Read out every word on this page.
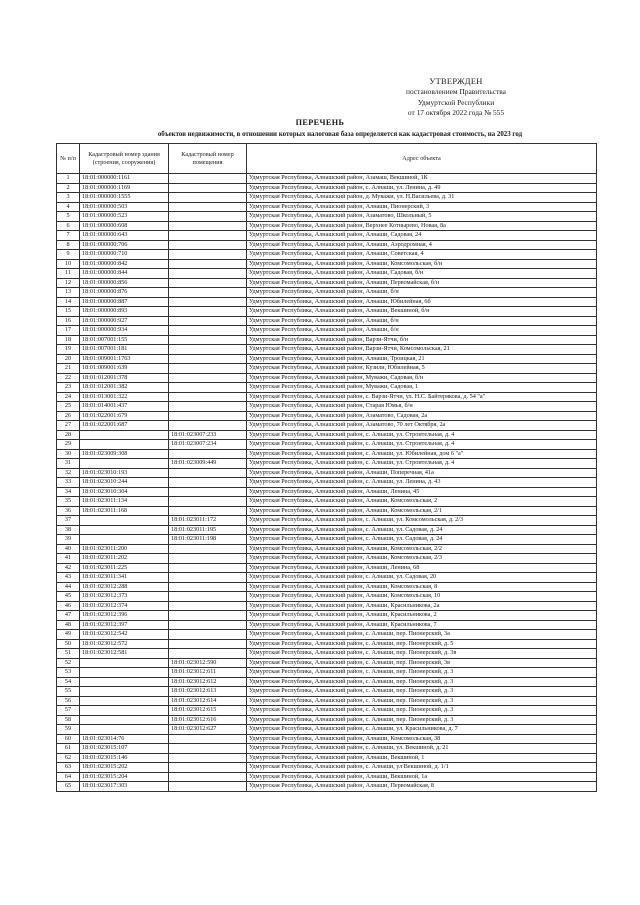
УТВЕРЖДЕН
постановлением Правительства
Удмуртской Республики
от 17 октября 2022 года № 555
ПЕРЕЧЕНЬ
объектов недвижимости, в отношении которых налоговая база определяется как кадастровая стоимость, на 2023 год
№ п/п	Кадастровый номер здания (строения, сооружения)	Кадастровый номер помещения	Адрес объекта
1	18:01:000000:1161		Удмуртская Республика, Алнашский район, Азамаш, Векшиной, 1К
2	18:01:000000:1169		Удмуртская Республика, Алнашский район, с. Алнаши, ул. Ленина, д. 49
3	18:01:000000:1555		Удмуртская Республика, Алнашский район, д. Муважи, ул. Н.Васильева, д. 31
4	18:01:000000:503		Удмуртская Республика, Алнашский район, Алнаши, Пионерский, 3
5	18:01:000000:523		Удмуртская Республика, Алнашский район, Азаматово, Школьный, 5
6	18:01:000000:608		Удмуртская Республика, Алнашский район, Верхнее Котнырево, Новая, 8а
7	18:01:000000:643		Удмуртская Республика, Алнашский район, Алнаши, Садовая, 24
8	18:01:000000:706		Удмуртская Республика, Алнашский район, Алнаши, Аэродромная, 4
9	18:01:000000:710		Удмуртская Республика, Алнашский район, Алнаши, Советская, 4
10	18:01:000000:842		Удмуртская Республика, Алнашский район, Алнаши, Комсомольская, б/н
11	18:01:000000:844		Удмуртская Республика, Алнашский район, Алнаши, Садовая, б/н
12	18:01:000000:856		Удмуртская Республика, Алнашский район, Алнаши, Первомайская, б/н
13	18:01:000000:876		Удмуртская Республика, Алнашский район, Алнаши, б/н
14	18:01:000000:887		Удмуртская Республика, Алнашский район, Алнаши, Юбилейная, 6б
15	18:01:000000:893		Удмуртская Республика, Алнашский район, Алнаши, Векшиной, б/н
16	18:01:000000:927		Удмуртская Республика, Алнашский район, Алнаши, б/н
17	18:01:000000:934		Удмуртская Республика, Алнашский район, Алнаши, б/н
18	18:01:007001:155		Удмуртская Республика, Алнашский район, Варзи-Ятчи, б/н
19	18:01:007001:181		Удмуртская Республика, Алнашский район, Варзи-Ятчи, Комсомольская, 21
20	18:01:009001:1763		Удмуртская Республика, Алнашский район, Алнаши, Троицкая, 21
21	18:01:009001:639		Удмуртская Республика, Алнашский район, Кузили, Юбилейная, 5
22	18:01:012001:378		Удмуртская Республика, Алнашский район, Муважи, Садовая, б/н
23	18:01:012001:382		Удмуртская Республика, Алнашский район, Муважи, Садовая, 1
24	18:01:013001:322		Удмуртская Республика, Алнашский район, с. Варзи-Ятчи, ул. Н.С. Байтерякова, д. 54 "а"
25	18:01:014001:437		Удмуртская Республика, Алнашский район, Старая Юмья, б/н
26	18:01:022001:679		Удмуртская Республика, Алнашский район, Азаматово, Садовая, 2а
27	18:01:022001:687		Удмуртская Республика, Алнашский район, Азаматово, 70 лет Октября, 2а
28		18:01:023007:233	Удмуртская Республика, Алнашский район, с. Алнаши, ул. Строительная, д. 4
29		18:01:023007:234	Удмуртская Республика, Алнашский район, с. Алнаши, ул. Строительная, д. 4
30	18:01:023009:308		Удмуртская Республика, Алнашский район, с. Алнаши, ул. Юбилейная, дом 6 "а"
31		18:01:023009:449	Удмуртская Республика, Алнашский район, с. Алнаши, ул. Строительная, д. 4
32	18:01:023010:193		Удмуртская Республика, Алнашский район, Алнаши, Поперечная, 41а
33	18:01:023010:244		Удмуртская Республика, Алнашский район, с. Алнаши, ул. Ленина, д. 43
34	18:01:023010:304		Удмуртская Республика, Алнашский район, Алнаши, Ленина, 45
35	18:01:023011:134		Удмуртская Республика, Алнашский район, Алнаши, Комсомольская, 2
36	18:01:023011:168		Удмуртская Республика, Алнашский район, Алнаши, Комсомольская, 2/1
37		18:01:023011:172	Удмуртская Республика, Алнашский район, с. Алнаши, ул. Комсомольская, д. 2/3
38		18:01:023011:195	Удмуртская Республика, Алнашский район, с. Алнаши, ул. Садовая, д. 24
39		18:01:023011:198	Удмуртская Республика, Алнашский район, с. Алнаши, ул. Садовая, д. 24
40	18:01:023011:200		Удмуртская Республика, Алнашский район, Алнаши, Комсомольская, 2/2
41	18:01:023011:202		Удмуртская Республика, Алнашский район, Алнаши, Комсомольская, 2/3
42	18:01:023011:225		Удмуртская Республика, Алнашский район, Алнаши, Ленина, 68
43	18:01:023011:341		Удмуртская Республика, Алнашский район, с. Алнаши, ул. Садовая, 20
44	18:01:023012:288		Удмуртская Республика, Алнашский район, Алнаши, Комсомольская, 8
45	18:01:023012:373		Удмуртская Республика, Алнашский район, Алнаши, Комсомольская, 10
46	18:01:023012:374		Удмуртская Республика, Алнашский район, Алнаши, Красильникова, 2а
47	18:01:023012:396		Удмуртская Республика, Алнашский район, Алнаши, Красильникова, 2
48	18:01:023012:397		Удмуртская Республика, Алнашский район, Алнаши, Красильникова, 7
49	18:01:023012:542		Удмуртская Республика, Алнашский район, с. Алнаши, пер. Пионерский, 3а
50	18:01:023012:572		Удмуртская Республика, Алнашский район, с. Алнаши, пер. Пионерский, д. 5
51	18:01:023012:581		Удмуртская Республика, Алнашский район, с. Алнаши, пер. Пионерский, д. 3в
52		18:01:023012:590	Удмуртская Республика, Алнашский район, с. Алнаши, пер. Пионерский, 3в
53		18:01:023012:611	Удмуртская Республика, Алнашский район, с. Алнаши, пер. Пионерский, д. 3
54		18:01:023012:612	Удмуртская Республика, Алнашский район, с. Алнаши, пер. Пионерский, д. 3
55		18:01:023012:613	Удмуртская Республика, Алнашский район, с. Алнаши, пер. Пионерский, д. 3
56		18:01:023012:614	Удмуртская Республика, Алнашский район, с. Алнаши, пер. Пионерский, д. 3
57		18:01:023012:615	Удмуртская Республика, Алнашский район, с. Алнаши, пер. Пионерский, д. 3
58		18:01:023012:616	Удмуртская Республика, Алнашский район, с. Алнаши, пер. Пионерский, д. 3
59		18:01:023012:627	Удмуртская Республика, Алнашский район, с. Алнаши, ул. Красильникова, д. 7
60	18:01:023014:76		Удмуртская Республика, Алнашский район, Алнаши, Комсомольская, 38
61	18:01:023015:107		Удмуртская Республика, Алнашский район, с. Алнаши, ул. Векшиной, д. 21
62	18:01:023015:146		Удмуртская Республика, Алнашский район, Алнаши, Векшиной, 1
63	18:01:023015:202		Удмуртская Республика, Алнашский район, с. Алнаши, ул Векшиной, д. 1/1
64	18:01:023015:204		Удмуртская Республика, Алнашский район, Алнаши, Векшиной, 1а
65	18:01:023017:303		Удмуртская Республика, Алнашский район, Алнаши, Первомайская, 8
